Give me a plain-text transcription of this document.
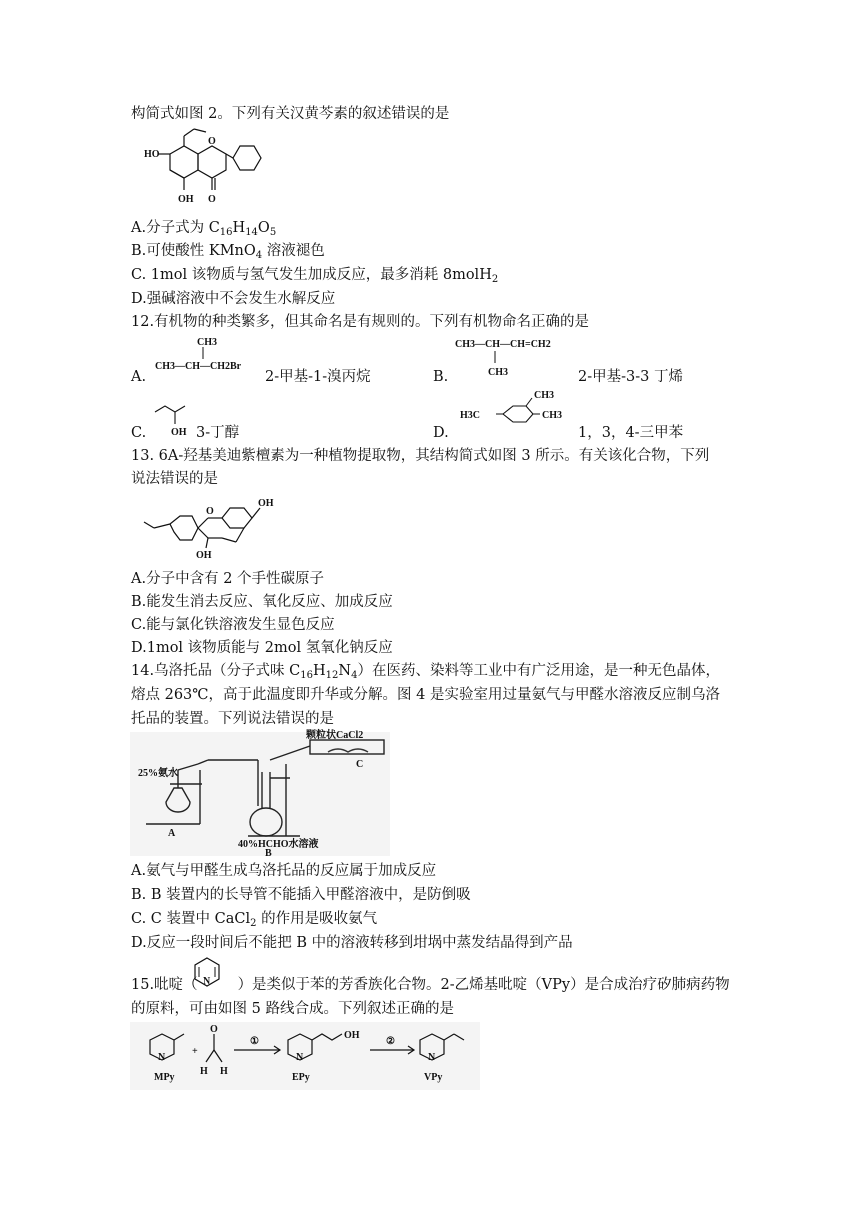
构简式如图 2。下列有关汉黄芩素的叙述错误的是
HO
OH
O
O
A.分子式为 $C_{16}H_{14}O_5$
B.可使酸性 KMnO$_4$ 溶液褪色
C. 1mol 该物质与氢气发生加成反应，最多消耗 8molH$_2$
D.强碱溶液中不会发生水解反应
12.有机物的种类繁多，但其命名是有规则的。下列有机物命名正确的是
A.
CH3
CH3—CH—CH2Br
2-甲基-1-溴丙烷	B.
CH3—CH—CH=CH2
CH3	2-甲基-3-3 丁烯
C. OH 3-丁醇	D.
H3C
CH3
CH3
1，3，4-三甲苯
13. 6A-羟基美迪紫檀素为一种植物提取物，其结构简式如图 3 所示。有关该化合物，下列
说法错误的是
OH
OH
O
A.分子中含有 2 个手性碳原子
B.能发生消去反应、氧化反应、加成反应
C.能与氯化铁溶液发生显色反应
D.1mol 该物质能与 2mol 氢氧化钠反应
14.乌洛托品（分子式味 $C_{16}H_{12}N_4$）在医药、染料等工业中有广泛用途，是一种无色晶体，
熔点 263℃，高于此温度即升华或分解。图 4 是实验室用过量氨气与甲醛水溶液反应制乌洛
托品的装置。下列说法错误的是
颗粒状CaCl2
25%氨水
40%HCHO水溶液
A
B
C
A.氨气与甲醛生成乌洛托品的反应属于加成反应
B. B 装置内的长导管不能插入甲醛溶液中，是防倒吸
C. C 装置中 CaCl$_2$ 的作用是吸收氨气
D.反应一段时间后不能把 B 中的溶液转移到坩埚中蒸发结晶得到产品
15.吡啶（	）是类似于苯的芳香族化合物。2-乙烯基吡啶（VPy）是合成治疗矽肺病药物
N
的原料，可由如图 5 路线合成。下列叙述正确的是
N
MPy
+
O
H H
①
N
EPy
OH
②
N
VPy
